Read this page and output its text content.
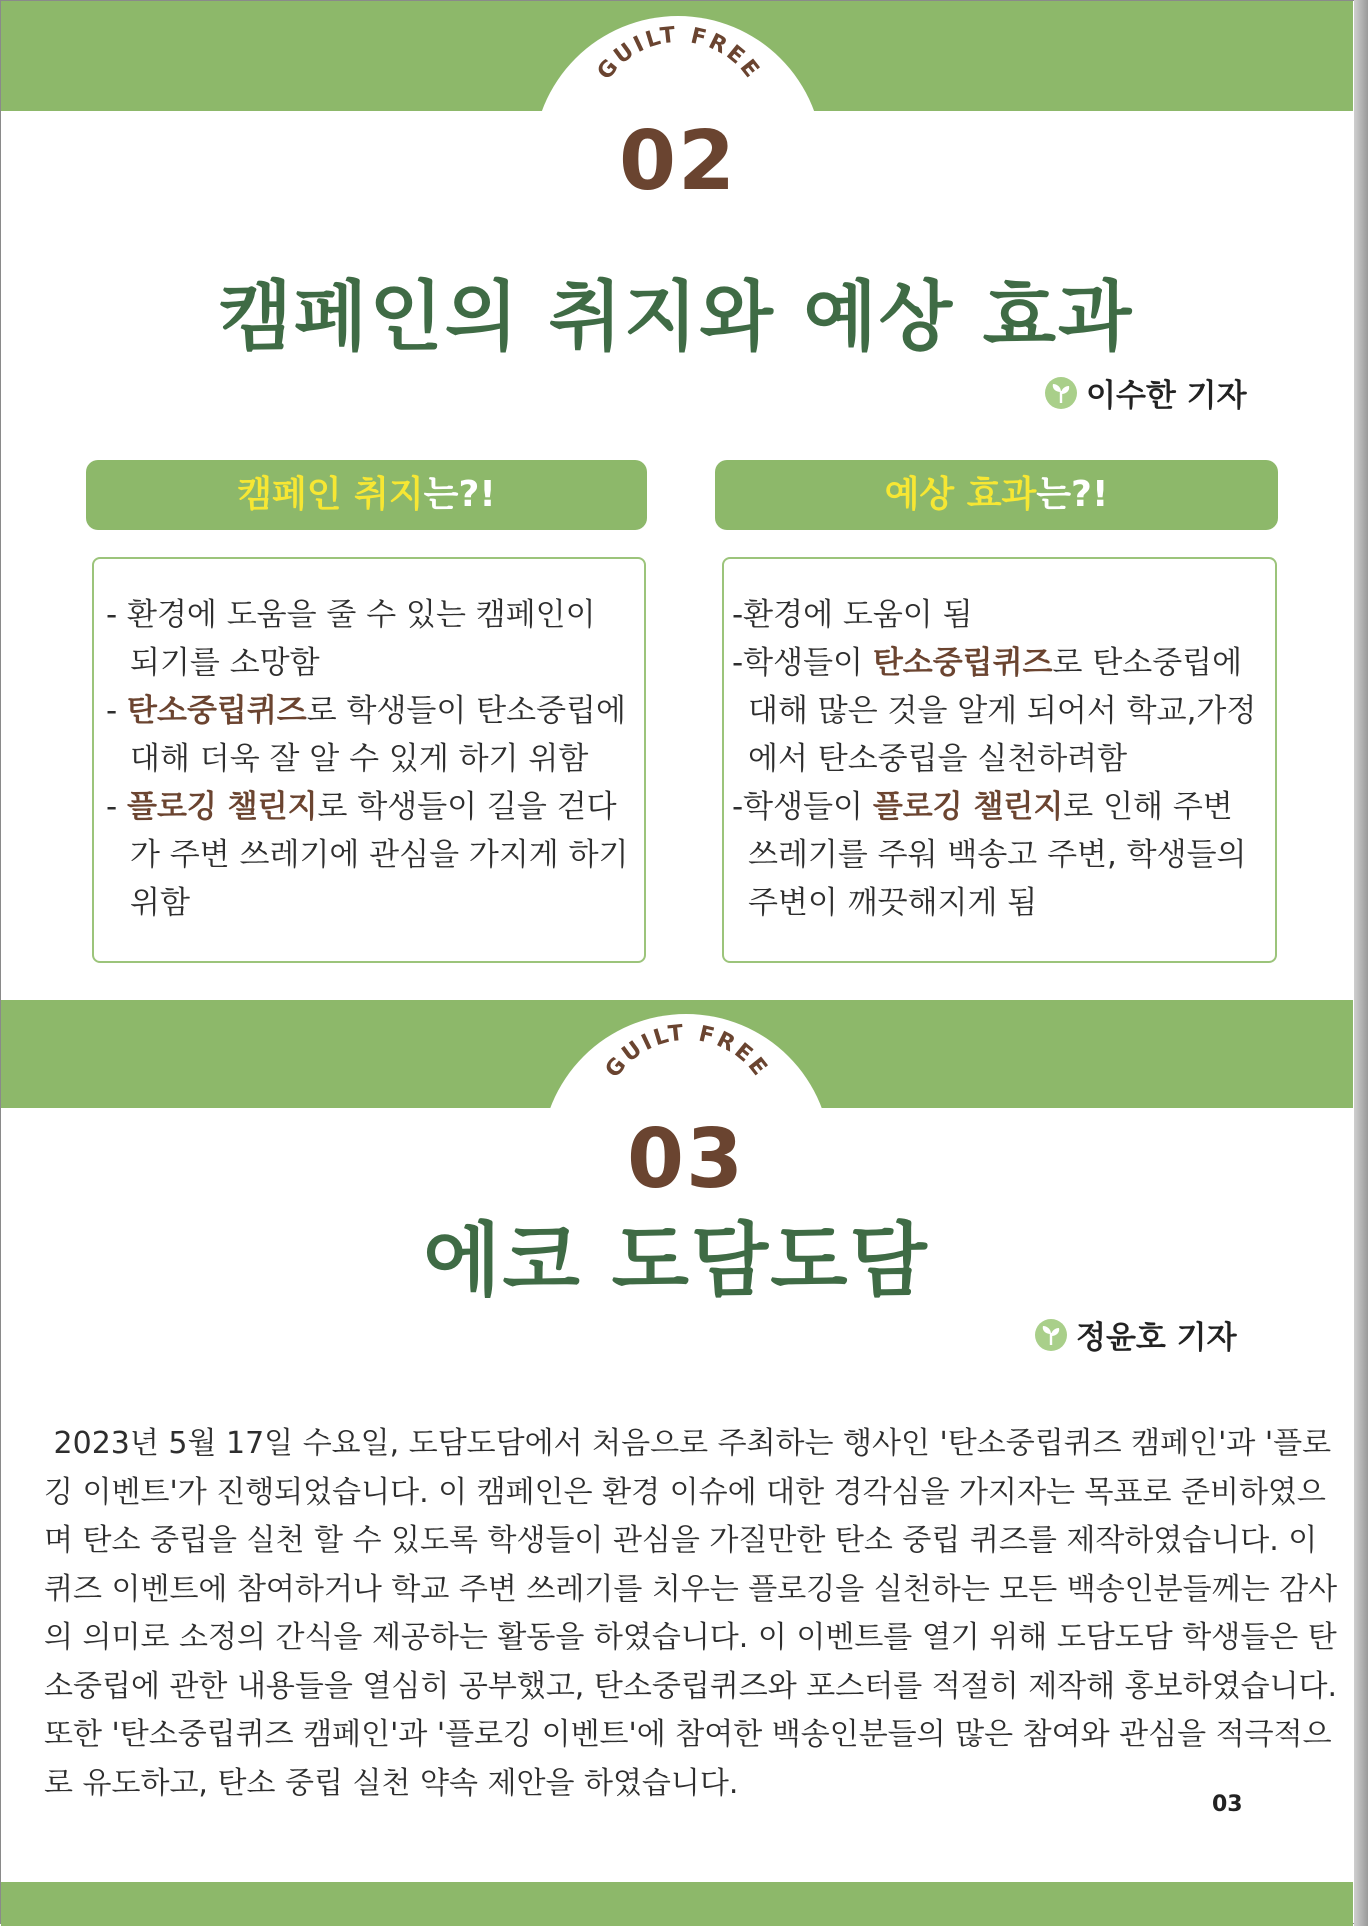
GUILT FREE
02
캠페인의 취지와 예상 효과
이수한 기자
캠페인 취지는?!	예상 효과는?!
- 환경에 도움을 줄 수 있는 캠페인이 되기를 소망함
- 탄소중립퀴즈로 학생들이 탄소중립에 대해 더욱 잘 알 수 있게 하기 위함
- 플로깅 챌린지로 학생들이 길을 걷다가 주변 쓰레기에 관심을 가지게 하기 위함
-환경에 도움이 됨
-학생들이 탄소중립퀴즈로 탄소중립에 대해 많은 것을 알게 되어서 학교,가정에서 탄소중립을 실천하려함
-학생들이 플로깅 챌린지로 인해 주변 쓰레기를 주워 백송고 주변, 학생들의 주변이 깨끗해지게 됨
GUILT FREE
03
에코 도담도담
정윤호 기자
2023년 5월 17일 수요일, 도담도담에서 처음으로 주최하는 행사인 '탄소중립퀴즈 캠페인'과 '플로깅 이벤트'가 진행되었습니다. 이 캠페인은 환경 이슈에 대한 경각심을 가지자는 목표로 준비하였으며 탄소 중립을 실천 할 수 있도록 학생들이 관심을 가질만한 탄소 중립 퀴즈를 제작하였습니다. 이 퀴즈 이벤트에 참여하거나 학교 주변 쓰레기를 치우는 플로깅을 실천하는 모든 백송인분들께는 감사의 의미로 소정의 간식을 제공하는 활동을 하였습니다. 이 이벤트를 열기 위해 도담도담 학생들은 탄소중립에 관한 내용들을 열심히 공부했고, 탄소중립퀴즈와 포스터를 적절히 제작해 홍보하였습니다. 또한 '탄소중립퀴즈 캠페인'과 '플로깅 이벤트'에 참여한 백송인분들의 많은 참여와 관심을 적극적으로 유도하고, 탄소 중립 실천 약속 제안을 하였습니다.
03
